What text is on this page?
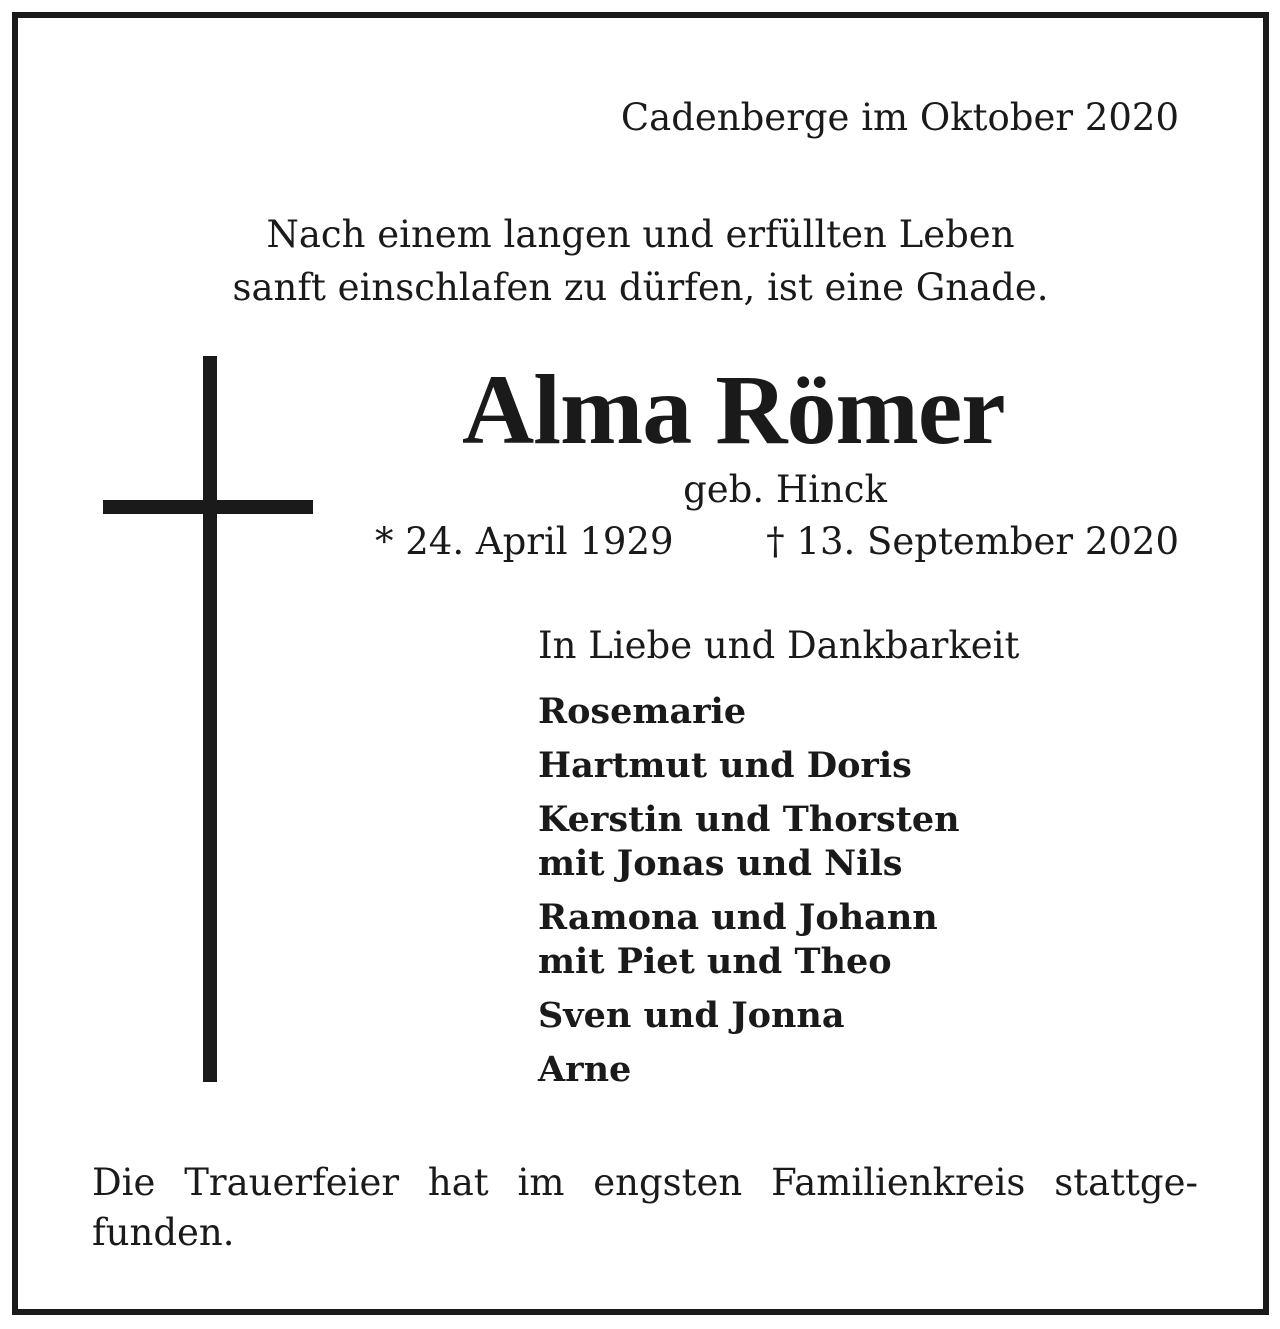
Cadenberge im Oktober 2020
Nach einem langen und erfüllten Leben
sanft einschlafen zu dürfen, ist eine Gnade.
Alma Römer
geb. Hinck
* 24. April 1929	† 13. September 2020
In Liebe und Dankbarkeit
Rosemarie
Hartmut und Doris
Kerstin und Thorsten
mit Jonas und Nils
Ramona und Johann
mit Piet und Theo
Sven und Jonna
Arne
Die Trauerfeier hat im engsten Familienkreis stattge-
funden.
